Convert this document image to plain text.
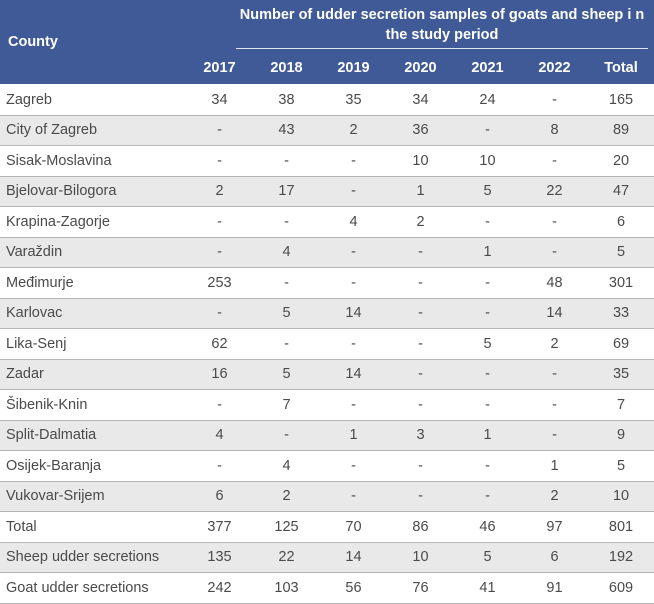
County	Number of udder secretion samples of goats and sheep i n the study period						

	2017	2018	2019	2020	2021	2022	Total
Zagreb	34	38	35	34	24	-	165
City of Zagreb	-	43	2	36	-	8	89
Sisak-Moslavina	-	-	-	10	10	-	20
Bjelovar-Bilogora	2	17	-	1	5	22	47
Krapina-Zagorje	-	-	4	2	-	-	6
Varaždin	-	4	-	-	1	-	5
Međimurje	253	-	-	-	-	48	301
Karlovac	-	5	14	-	-	14	33
Lika-Senj	62	-	-	-	5	2	69
Zadar	16	5	14	-	-	-	35
Šibenik-Knin	-	7	-	-	-	-	7
Split-Dalmatia	4	-	1	3	1	-	9
Osijek-Baranja	-	4	-	-	-	1	5
Vukovar-Srijem	6	2	-	-	-	2	10
Total	377	125	70	86	46	97	801
Sheep udder secretions	135	22	14	10	5	6	192
Goat udder secretions	242	103	56	76	41	91	609
